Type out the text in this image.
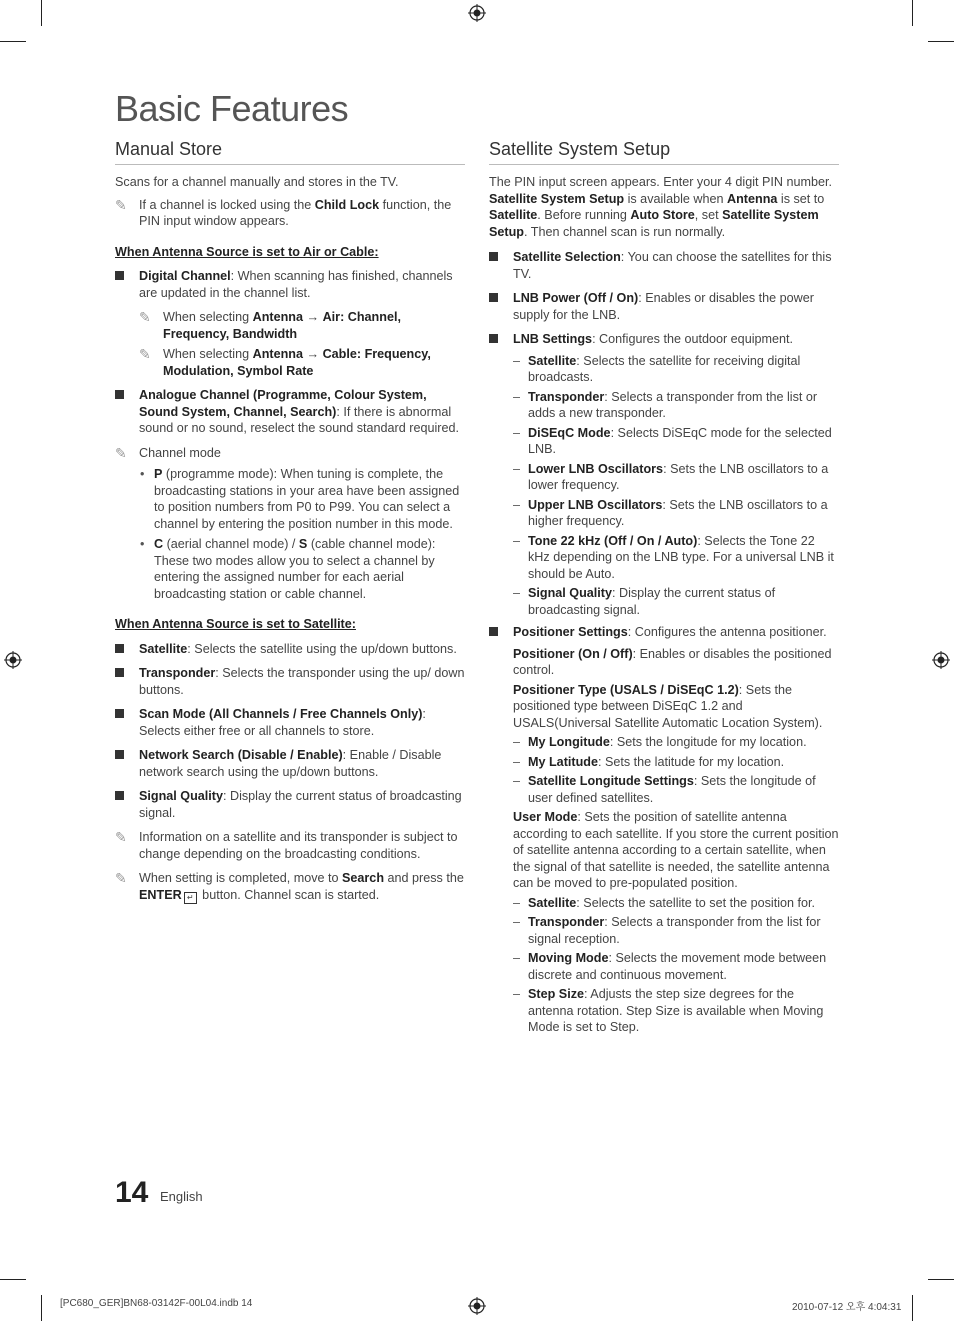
Basic Features
Manual Store
Scans for a channel manually and stores in the TV.
✎ If a channel is locked using the Child Lock function, the PIN input window appears.
When Antenna Source is set to Air or Cable:
Digital Channel: When scanning has finished, channels are updated in the channel list.
✎ When selecting Antenna → Air: Channel, Frequency, Bandwidth
✎ When selecting Antenna → Cable: Frequency, Modulation, Symbol Rate
Analogue Channel (Programme, Colour System, Sound System, Channel, Search): If there is abnormal sound or no sound, reselect the sound standard required.
✎ Channel mode
• P (programme mode): When tuning is complete, the broadcasting stations in your area have been assigned to position numbers from P0 to P99. You can select a channel by entering the position number in this mode.
• C (aerial channel mode) / S (cable channel mode): These two modes allow you to select a channel by entering the assigned number for each aerial broadcasting station or cable channel.
When Antenna Source is set to Satellite:
Satellite: Selects the satellite using the up/down buttons.
Transponder: Selects the transponder using the up/ down buttons.
Scan Mode (All Channels / Free Channels Only): Selects either free or all channels to store.
Network Search (Disable / Enable): Enable / Disable network search using the up/down buttons.
Signal Quality: Display the current status of broadcasting signal.
✎ Information on a satellite and its transponder is subject to change depending on the broadcasting conditions.
✎ When setting is completed, move to Search and press the ENTER ↵ button. Channel scan is started.
Satellite System Setup
The PIN input screen appears. Enter your 4 digit PIN number. Satellite System Setup is available when Antenna is set to Satellite. Before running Auto Store, set Satellite System Setup. Then channel scan is run normally.
Satellite Selection: You can choose the satellites for this TV.
LNB Power (Off / On): Enables or disables the power supply for the LNB.
LNB Settings: Configures the outdoor equipment.
– Satellite: Selects the satellite for receiving digital broadcasts.
– Transponder: Selects a transponder from the list or adds a new transponder.
– DiSEqC Mode: Selects DiSEqC mode for the selected LNB.
– Lower LNB Oscillators: Sets the LNB oscillators to a lower frequency.
– Upper LNB Oscillators: Sets the LNB oscillators to a higher frequency.
– Tone 22 kHz (Off / On / Auto): Selects the Tone 22 kHz depending on the LNB type. For a universal LNB it should be Auto.
– Signal Quality: Display the current status of broadcasting signal.
Positioner Settings: Configures the antenna positioner.
Positioner (On / Off): Enables or disables the positioned control.
Positioner Type (USALS / DiSEqC 1.2): Sets the positioned type between DiSEqC 1.2 and USALS(Universal Satellite Automatic Location System).
– My Longitude: Sets the longitude for my location.
– My Latitude: Sets the latitude for my location.
– Satellite Longitude Settings: Sets the longitude of user defined satellites.
User Mode: Sets the position of satellite antenna according to each satellite. If you store the current position of satellite antenna according to a certain satellite, when the signal of that satellite is needed, the satellite antenna can be moved to pre-populated position.
– Satellite: Selects the satellite to set the position for.
– Transponder: Selects a transponder from the list for signal reception.
– Moving Mode: Selects the movement mode between discrete and continuous movement.
– Step Size: Adjusts the step size degrees for the antenna rotation. Step Size is available when Moving Mode is set to Step.
14 English
[PC680_GER]BN68-03142F-00L04.indb 14	2010-07-12 오후 4:04:31
